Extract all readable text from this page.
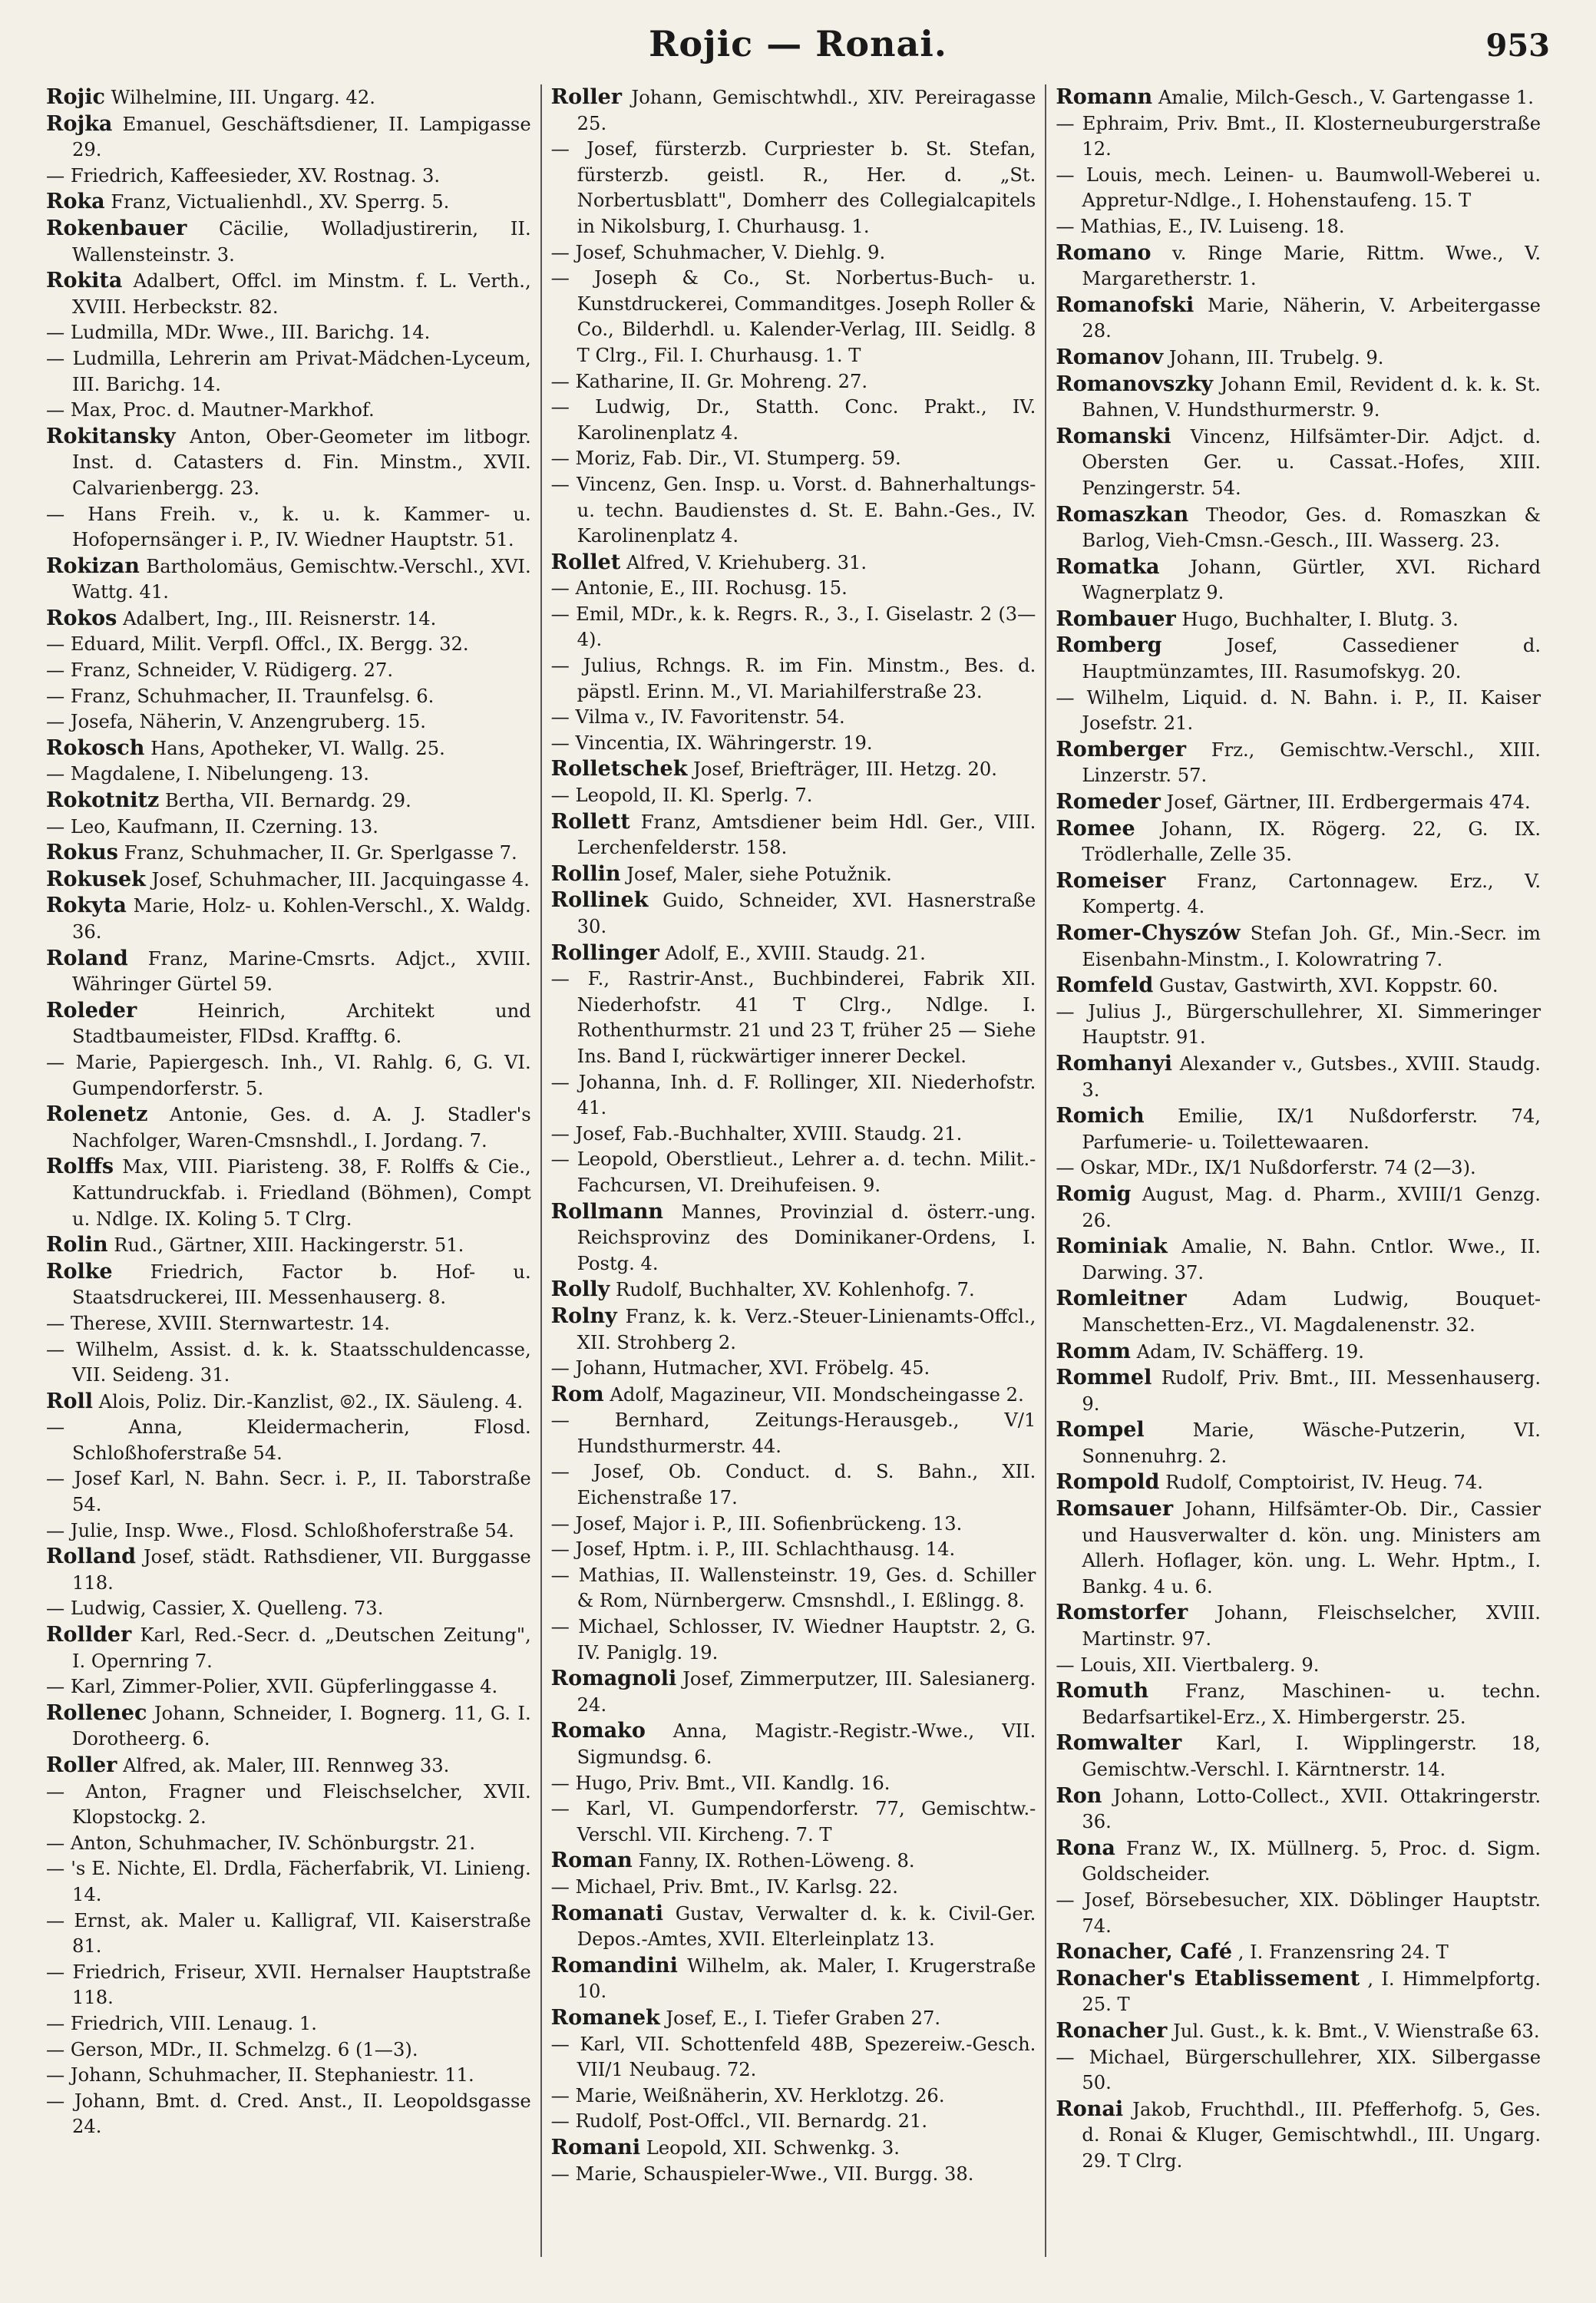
Rojic — Ronai.	953

Rojic Wilhelmine, III. Ungarg. 42.

Rojka Emanuel, Geschäftsdiener, II. Lampigasse 29.

— Friedrich, Kaffeesieder, XV. Rostnag. 3.

Roka Franz, Victualienhdl., XV. Sperrg. 5.

Rokenbauer Cäcilie, Wolladjustirerin, II. Wallensteinstr. 3.

Rokita Adalbert, Offcl. im Minstm. f. L. Verth., XVIII. Herbeckstr. 82.

— Ludmilla, MDr. Wwe., III. Barichg. 14.

— Ludmilla, Lehrerin am Privat-Mädchen-Lyceum, III. Barichg. 14.

— Max, Proc. d. Mautner-Markhof.

Rokitansky Anton, Ober-Geometer im litbogr. Inst. d. Catasters d. Fin. Minstm., XVII. Calvarienbergg. 23.

— Hans Freih. v., k. u. k. Kammer- u. Hofopernsänger i. P., IV. Wiedner Hauptstr. 51.

Rokizan Bartholomäus, Gemischtw.-Verschl., XVI. Wattg. 41.

Rokos Adalbert, Ing., III. Reisnerstr. 14.

— Eduard, Milit. Verpfl. Offcl., IX. Bergg. 32.

— Franz, Schneider, V. Rüdigerg. 27.

— Franz, Schuhmacher, II. Traunfelsg. 6.

— Josefa, Näherin, V. Anzengruberg. 15.

Rokosch Hans, Apotheker, VI. Wallg. 25.

— Magdalene, I. Nibelungeng. 13.

Rokotnitz Bertha, VII. Bernardg. 29.

— Leo, Kaufmann, II. Czerning. 13.

Rokus Franz, Schuhmacher, II. Gr. Sperlgasse 7.

Rokusek Josef, Schuhmacher, III. Jacquingasse 4.

Rokyta Marie, Holz- u. Kohlen-Verschl., X. Waldg. 36.

Roland Franz, Marine-Cmsrts. Adjct., XVIII. Währinger Gürtel 59.

Roleder	Heinrich, Architekt und Stadtbaumeister, FlDsd. Krafftg. 6.

— Marie, Papiergesch. Inh., VI. Rahlg. 6, G. VI. Gumpendorferstr. 5.

Rolenetz Antonie, Ges. d. A. J. Stadler's Nachfolger, Waren-Cmsnshdl., I. Jordang. 7.

Rolffs Max, VIII. Piaristeng. 38, F. Rolffs & Cie., Kattundruckfab. i. Friedland (Böhmen), Compt u. Ndlge. IX. Koling 5. T Clrg.

Rolin Rud., Gärtner, XIII. Hackingerstr. 51.

Rolke Friedrich, Factor b. Hof- u. Staatsdruckerei, III. Messenhauserg. 8.

— Therese, XVIII. Sternwartestr. 14.

— Wilhelm, Assist. d. k. k. Staatsschuldencasse, VII. Seideng. 31.

Roll Alois, Poliz. Dir.-Kanzlist, ⦾2., IX. Säuleng. 4.

— Anna, Kleidermacherin, Flosd. Schloßhoferstraße 54.

— Josef Karl, N. Bahn. Secr. i. P., II. Taborstraße 54.

— Julie, Insp. Wwe., Flosd. Schloßhoferstraße 54.

Rolland Josef, städt. Rathsdiener, VII. Burggasse 118.

— Ludwig, Cassier, X. Quelleng. 73.

Rollder Karl, Red.-Secr. d. „Deutschen Zeitung", I. Opernring 7.

— Karl, Zimmer-Polier, XVII. Güpferlinggasse 4.

Rollenec Johann, Schneider, I. Bognerg. 11, G. I. Dorotheerg. 6.

Roller Alfred, ak. Maler, III. Rennweg 33.

— Anton, Fragner und Fleischselcher, XVII. Klopstockg. 2.

— Anton, Schuhmacher, IV. Schönburgstr. 21.

— 's E. Nichte, El. Drdla, Fächerfabrik, VI. Linieng. 14.

— Ernst, ak. Maler u. Kalligraf, VII. Kaiserstraße 81.

— Friedrich, Friseur, XVII. Hernalser Hauptstraße 118.

— Friedrich, VIII. Lenaug. 1.

— Gerson, MDr., II. Schmelzg. 6 (1—3).

— Johann, Schuhmacher, II. Stephaniestr. 11.

— Johann, Bmt. d. Cred. Anst., II. Leopoldsgasse 24.

Roller Johann, Gemischtwhdl., XIV. Pereiragasse 25.

— Josef, fürsterzb. Curpriester b. St. Stefan, fürsterzb. geistl. R., Her. d. „St. Norbertusblatt", Domherr des Collegialcapitels in Nikolsburg, I. Churhausg. 1.

— Josef, Schuhmacher, V. Diehlg. 9.

— Joseph & Co., St. Norbertus-Buch- u. Kunstdruckerei, Commanditges. Joseph Roller & Co., Bilderhdl. u. Kalender-Verlag, III. Seidlg. 8 T Clrg., Fil. I. Churhausg. 1. T

— Katharine, II. Gr. Mohreng. 27.

— Ludwig, Dr., Statth. Conc. Prakt., IV. Karolinenplatz 4.

— Moriz, Fab. Dir., VI. Stumperg. 59.

— Vincenz, Gen. Insp. u. Vorst. d. Bahnerhaltungs- u. techn. Baudienstes d. St. E. Bahn.-Ges., IV. Karolinenplatz 4.

Rollet Alfred, V. Kriehuberg. 31.

— Antonie, E., III. Rochusg. 15.

— Emil, MDr., k. k. Regrs. R., 3., I. Giselastr. 2 (3—4).

— Julius, Rchngs. R. im Fin. Minstm., Bes. d. päpstl. Erinn. M., VI. Mariahilferstraße 23.

— Vilma v., IV. Favoritenstr. 54.

— Vincentia, IX. Währingerstr. 19.

Rolletschek Josef, Briefträger, III. Hetzg. 20.

— Leopold, II. Kl. Sperlg. 7.

Rollett Franz, Amtsdiener beim Hdl. Ger., VIII. Lerchenfelderstr. 158.

Rollin Josef, Maler, siehe Potužnik.

Rollinek Guido, Schneider, XVI. Hasnerstraße 30.

Rollinger Adolf, E., XVIII. Staudg. 21.

— F., Rastrir-Anst., Buchbinderei, Fabrik XII. Niederhofstr. 41 T Clrg., Ndlge. I. Rothenthurmstr. 21 und 23 T, früher 25 — Siehe Ins. Band I, rückwärtiger innerer Deckel.

— Johanna, Inh. d. F. Rollinger, XII. Niederhofstr. 41.

— Josef, Fab.-Buchhalter, XVIII. Staudg. 21.

— Leopold, Oberstlieut., Lehrer a. d. techn. Milit.-Fachcursen, VI. Dreihufeisen. 9.

Rollmann Mannes, Provinzial d. österr.-ung. Reichsprovinz des Dominikaner-Ordens, I. Postg. 4.

Rolly Rudolf, Buchhalter, XV. Kohlenhofg. 7.

Rolny Franz, k. k. Verz.-Steuer-Linienamts-Offcl., XII. Strohberg 2.

— Johann, Hutmacher, XVI. Fröbelg. 45.

Rom Adolf, Magazineur, VII. Mondscheingasse 2.

— Bernhard, Zeitungs-Herausgeb., V/1 Hundsthurmerstr. 44.

— Josef, Ob. Conduct. d. S. Bahn., XII. Eichenstraße 17.

— Josef, Major i. P., III. Sofienbrückeng. 13.

— Josef, Hptm. i. P., III. Schlachthausg. 14.

— Mathias, II. Wallensteinstr. 19, Ges. d. Schiller & Rom, Nürnbergerw. Cmsnshdl., I. Eßlingg. 8.

— Michael, Schlosser, IV. Wiedner Hauptstr. 2, G. IV. Paniglg. 19.

Romagnoli Josef, Zimmerputzer, III. Salesianerg. 24.

Romako Anna, Magistr.-Registr.-Wwe., VII. Sigmundsg. 6.

— Hugo, Priv. Bmt., VII. Kandlg. 16.

— Karl, VI. Gumpendorferstr. 77, Gemischtw.-Verschl. VII. Kircheng. 7. T

Roman Fanny, IX. Rothen-Löweng. 8.

— Michael, Priv. Bmt., IV. Karlsg. 22.

Romanati Gustav, Verwalter d. k. k. Civil-Ger. Depos.-Amtes, XVII. Elterleinplatz 13.

Romandini Wilhelm, ak. Maler, I. Krugerstraße 10.

Romanek Josef, E., I. Tiefer Graben 27.

— Karl, VII. Schottenfeld 48B, Spezereiw.-Gesch. VII/1 Neubaug. 72.

— Marie, Weißnäherin, XV. Herklotzg. 26.

— Rudolf, Post-Offcl., VII. Bernardg. 21.

Romani Leopold, XII. Schwenkg. 3.

— Marie, Schauspieler-Wwe., VII. Burgg. 38.

Romann Amalie, Milch-Gesch., V. Gartengasse 1.

— Ephraim, Priv. Bmt., II. Klosterneuburgerstraße 12.

— Louis, mech. Leinen- u. Baumwoll-Weberei u. Appretur-Ndlge., I. Hohenstaufeng. 15. T

— Mathias, E., IV. Luiseng. 18.

Romano v. Ringe Marie, Rittm. Wwe., V. Margaretherstr. 1.

Romanofski Marie, Näherin, V. Arbeitergasse 28.

Romanov Johann, III. Trubelg. 9.

Romanovszky Johann Emil, Revident d. k. k. St. Bahnen, V. Hundsthurmerstr. 9.

Romanski Vincenz, Hilfsämter-Dir. Adjct. d. Obersten Ger. u. Cassat.-Hofes, XIII. Penzingerstr. 54.

Romaszkan Theodor, Ges. d. Romaszkan & Barlog, Vieh-Cmsn.-Gesch., III. Wasserg. 23.

Romatka Johann, Gürtler, XVI. Richard Wagnerplatz 9.

Rombauer Hugo, Buchhalter, I. Blutg. 3.

Romberg	Josef, Cassediener d. Hauptmünzamtes, III. Rasumofskyg. 20.

— Wilhelm, Liquid. d. N. Bahn. i. P., II. Kaiser Josefstr. 21.

Romberger Frz., Gemischtw.-Verschl., XIII. Linzerstr. 57.

Romeder Josef, Gärtner, III. Erdbergermais 474.

Romee Johann, IX. Rögerg. 22, G. IX. Trödlerhalle, Zelle 35.

Romeiser Franz, Cartonnagew. Erz., V. Kompertg. 4.

Romer-Chyszów Stefan Joh. Gf., Min.-Secr. im Eisenbahn-Minstm., I. Kolowratring 7.

Romfeld Gustav, Gastwirth, XVI. Koppstr. 60.

— Julius J., Bürgerschullehrer, XI. Simmeringer Hauptstr. 91.

Romhanyi Alexander v., Gutsbes., XVIII. Staudg. 3.

Romich Emilie, IX/1 Nußdorferstr. 74, Parfumerie- u. Toilettewaaren.

— Oskar, MDr., IX/1 Nußdorferstr. 74 (2—3).

Romig August, Mag. d. Pharm., XVIII/1 Genzg. 26.

Rominiak Amalie, N. Bahn. Cntlor. Wwe., II. Darwing. 37.

Romleitner Adam Ludwig, Bouquet-Manschetten-Erz., VI. Magdalenenstr. 32.

Romm Adam, IV. Schäfferg. 19.

Rommel Rudolf, Priv. Bmt., III. Messenhauserg. 9.

Rompel	Marie, Wäsche-Putzerin, VI. Sonnenuhrg. 2.

Rompold Rudolf, Comptoirist, IV. Heug. 74.

Romsauer Johann, Hilfsämter-Ob. Dir., Cassier und Hausverwalter d. kön. ung. Ministers am Allerh. Hoflager, kön. ung. L. Wehr. Hptm., I. Bankg. 4 u. 6.

Romstorfer Johann, Fleischselcher, XVIII. Martinstr. 97.

— Louis, XII. Viertbalerg. 9.

Romuth Franz, Maschinen- u. techn. Bedarfsartikel-Erz., X. Himbergerstr. 25.

Romwalter Karl, I. Wipplingerstr. 18, Gemischtw.-Verschl. I. Kärntnerstr. 14.

Ron Johann, Lotto-Collect., XVII. Ottakringerstr. 36.

Rona Franz W., IX. Müllnerg. 5, Proc. d. Sigm. Goldscheider.

— Josef, Börsebesucher, XIX. Döblinger Hauptstr. 74.

Ronacher, Café , I. Franzensring 24. T

Ronacher's Etablissement , I. Himmelpfortg. 25. T

Ronacher Jul. Gust., k. k. Bmt., V. Wienstraße 63.

— Michael, Bürgerschullehrer, XIX. Silbergasse 50.

Ronai Jakob, Fruchthdl., III. Pfefferhofg. 5, Ges. d. Ronai & Kluger, Gemischtwhdl., III. Ungarg. 29. T Clrg.
